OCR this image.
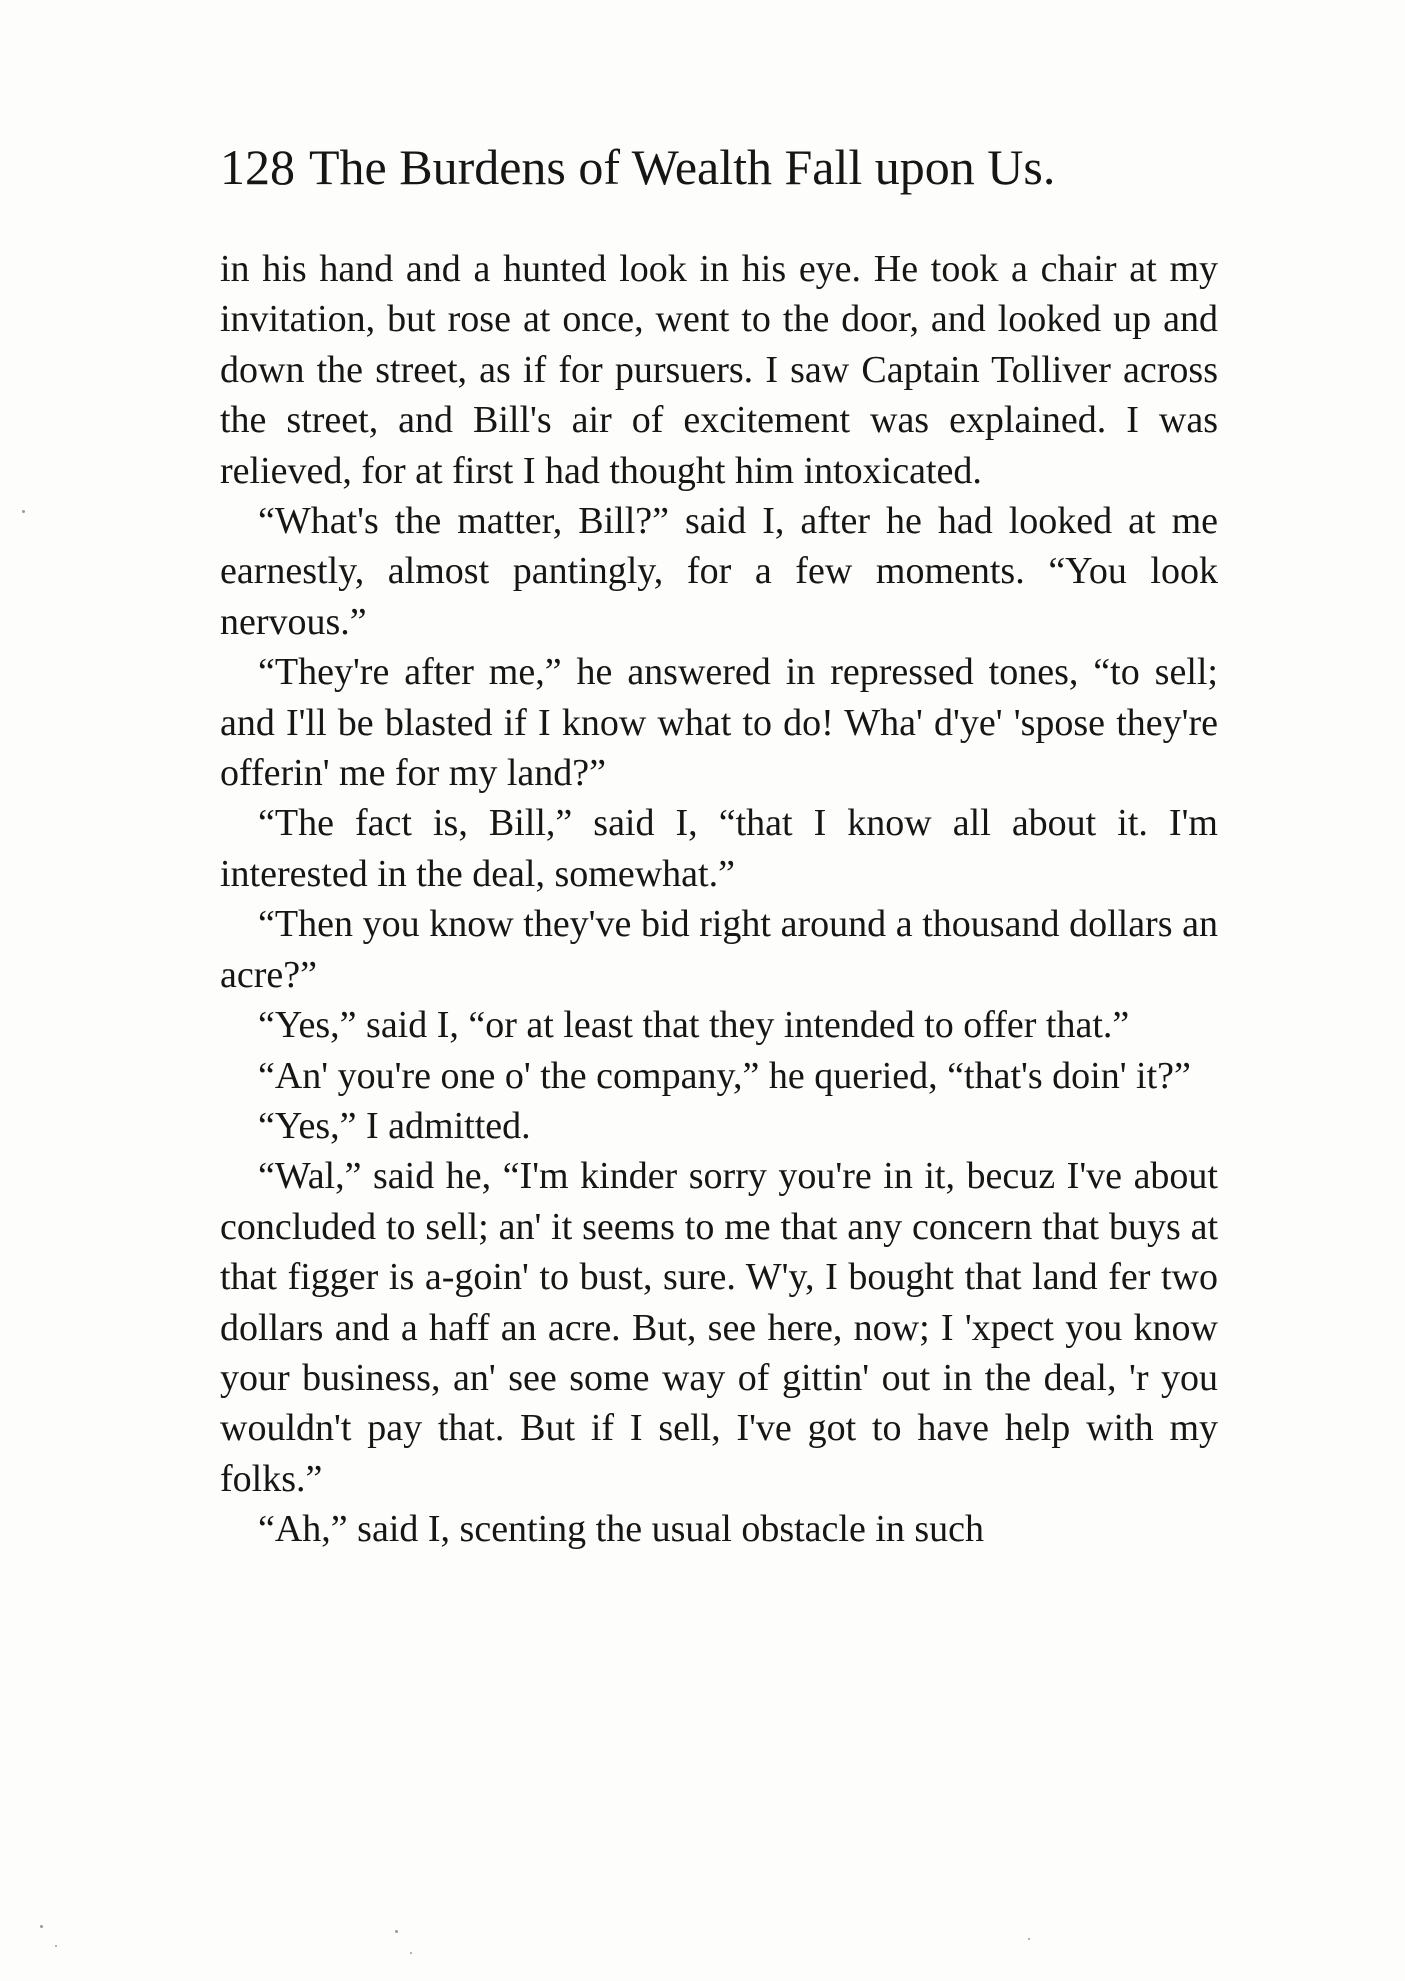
128 The Burdens of Wealth Fall upon Us.

in his hand and a hunted look in his eye. He took a chair at my invitation, but rose at once, went to the door, and looked up and down the street, as if for pursuers. I saw Captain Tolliver across the street, and Bill's air of excitement was explained. I was relieved, for at first I had thought him intoxicated.

“What's the matter, Bill?” said I, after he had looked at me earnestly, almost pantingly, for a few moments. “You look nervous.”

“They're after me,” he answered in repressed tones, “to sell; and I'll be blasted if I know what to do! Wha' d'ye' 'spose they're offerin' me for my land?”

“The fact is, Bill,” said I, “that I know all about it. I'm interested in the deal, somewhat.”

“Then you know they've bid right around a thousand dollars an acre?”

“Yes,” said I, “or at least that they intended to offer that.”

“An' you're one o' the company,” he queried, “that's doin' it?”

“Yes,” I admitted.

“Wal,” said he, “I'm kinder sorry you're in it, becuz I've about concluded to sell; an' it seems to me that any concern that buys at that figger is a-goin' to bust, sure. W'y, I bought that land fer two dollars and a haff an acre. But, see here, now; I 'xpect you know your business, an' see some way of gittin' out in the deal, 'r you wouldn't pay that. But if I sell, I've got to have help with my folks.”

“Ah,” said I, scenting the usual obstacle in such
